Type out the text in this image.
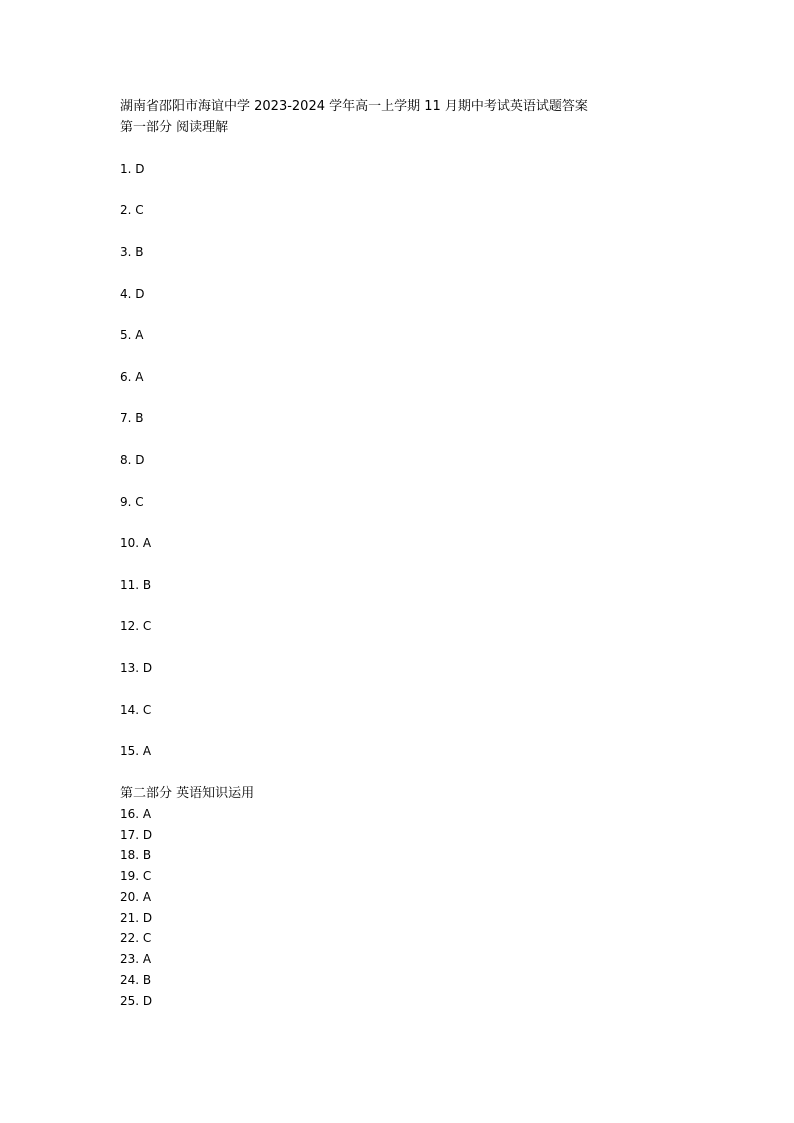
湖南省邵阳市海谊中学 2023-2024 学年高一上学期 11 月期中考试英语试题答案
第一部分 阅读理解
1. D
2. C
3. B
4. D
5. A
6. A
7. B
8. D
9. C
10. A
11. B
12. C
13. D
14. C
15. A
第二部分 英语知识运用
16. A
17. D
18. B
19. C
20. A
21. D
22. C
23. A
24. B
25. D
